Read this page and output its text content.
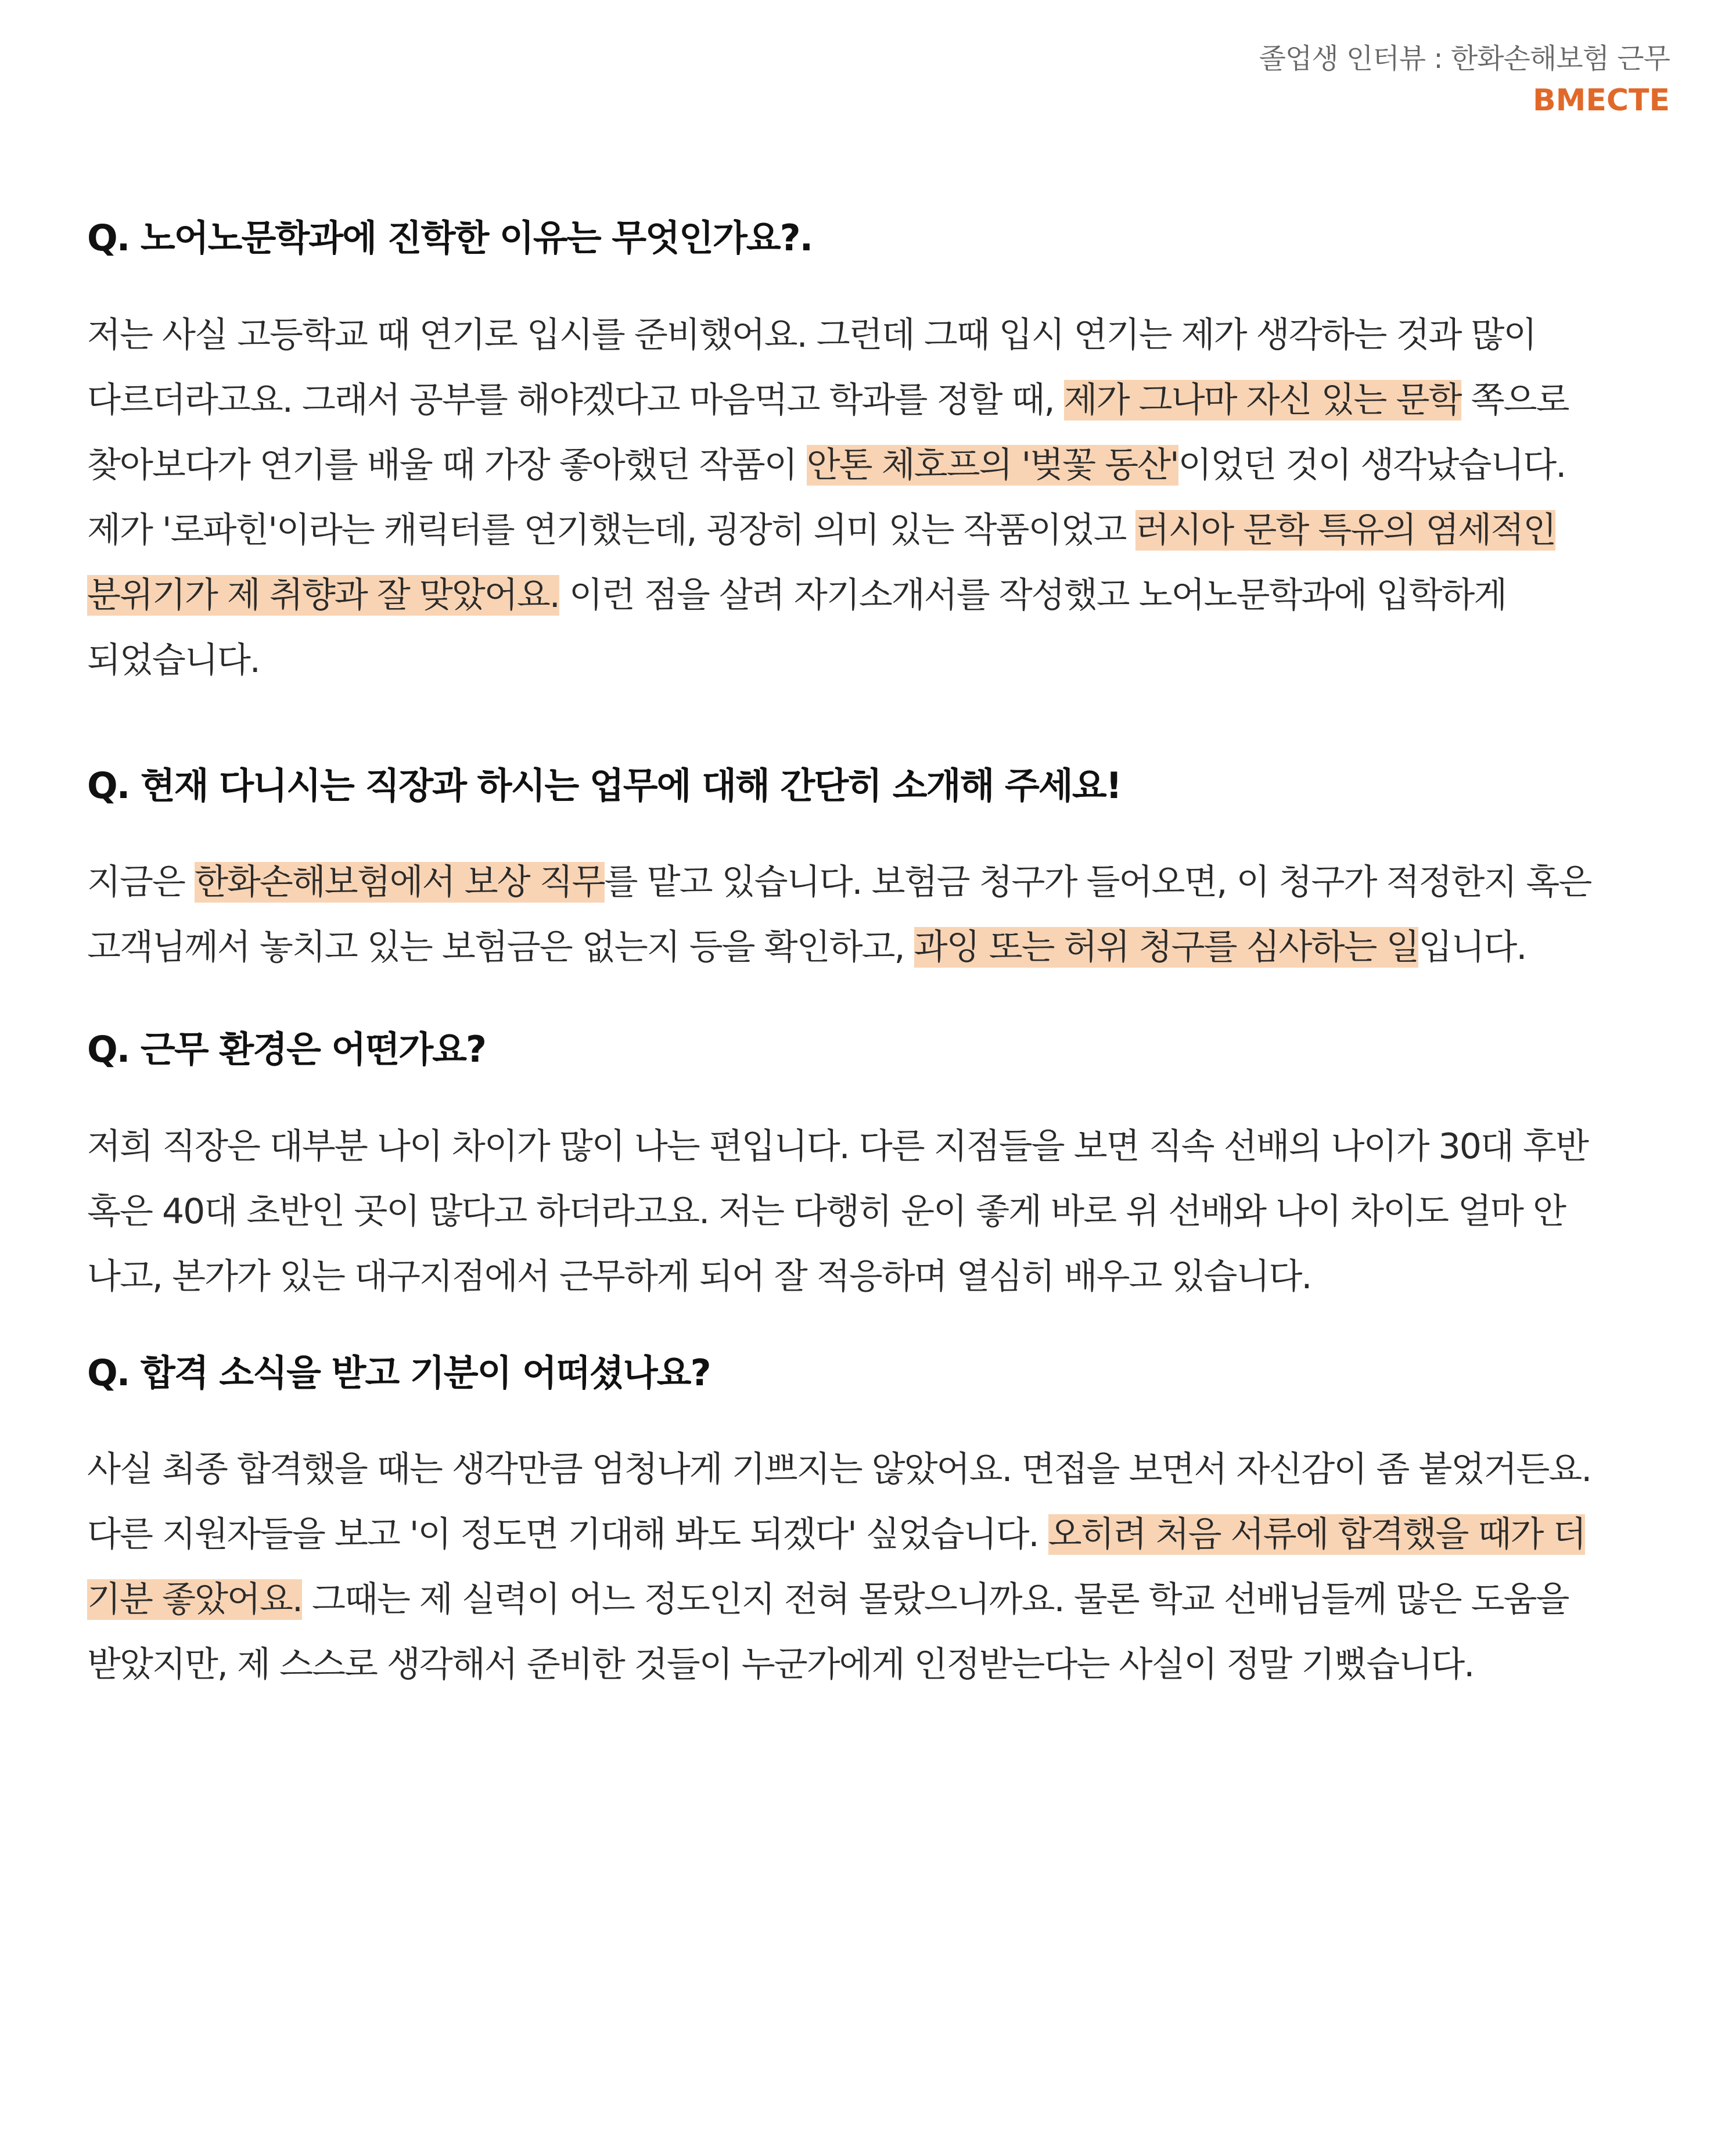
졸업생 인터뷰 : 한화손해보험 근무
BMECTE
Q. 노어노문학과에 진학한 이유는 무엇인가요?.

저는 사실 고등학교 때 연기로 입시를 준비했어요. 그런데 그때 입시 연기는 제가 생각하는 것과 많이 다르더라고요. 그래서 공부를 해야겠다고 마음먹고 학과를 정할 때, 제가 그나마 자신 있는 문학 쪽으로 찾아보다가 연기를 배울 때 가장 좋아했던 작품이 안톤 체호프의 '벚꽃 동산'이었던 것이 생각났습니다.

제가 '로파힌'이라는 캐릭터를 연기했는데, 굉장히 의미 있는 작품이었고 러시아 문학 특유의 염세적인 분위기가 제 취향과 잘 맞았어요. 이런 점을 살려 자기소개서를 작성했고 노어노문학과에 입학하게 되었습니다.

Q. 현재 다니시는 직장과 하시는 업무에 대해 간단히 소개해 주세요!

지금은 한화손해보험에서 보상 직무를 맡고 있습니다. 보험금 청구가 들어오면, 이 청구가 적정한지 혹은 고객님께서 놓치고 있는 보험금은 없는지 등을 확인하고, 과잉 또는 허위 청구를 심사하는 일입니다.

Q. 근무 환경은 어떤가요?

저희 직장은 대부분 나이 차이가 많이 나는 편입니다. 다른 지점들을 보면 직속 선배의 나이가 30대 후반 혹은 40대 초반인 곳이 많다고 하더라고요. 저는 다행히 운이 좋게 바로 위 선배와 나이 차이도 얼마 안 나고, 본가가 있는 대구지점에서 근무하게 되어 잘 적응하며 열심히 배우고 있습니다.

Q. 합격 소식을 받고 기분이 어떠셨나요?

사실 최종 합격했을 때는 생각만큼 엄청나게 기쁘지는 않았어요. 면접을 보면서 자신감이 좀 붙었거든요. 다른 지원자들을 보고 '이 정도면 기대해 봐도 되겠다' 싶었습니다. 오히려 처음 서류에 합격했을 때가 더 기분 좋았어요. 그때는 제 실력이 어느 정도인지 전혀 몰랐으니까요. 물론 학교 선배님들께 많은 도움을 받았지만, 제 스스로 생각해서 준비한 것들이 누군가에게 인정받는다는 사실이 정말 기뻤습니다.
